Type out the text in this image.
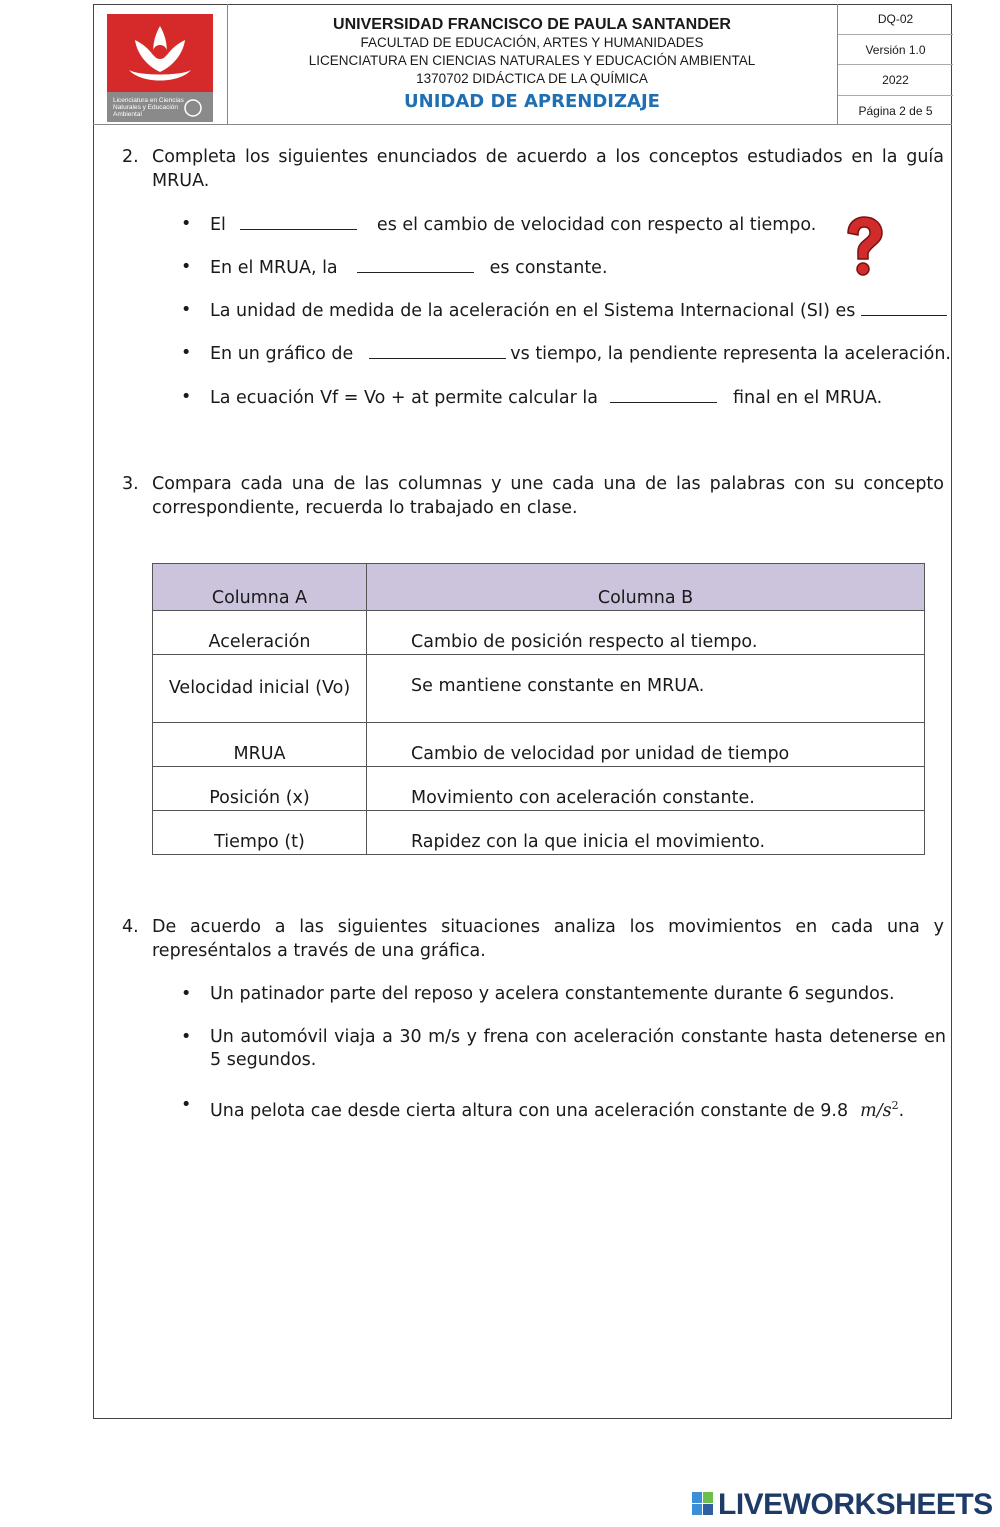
Licenciatura en Ciencias Naturales y Educación Ambiental
UNIVERSIDAD FRANCISCO DE PAULA SANTANDER
FACULTAD DE EDUCACIÓN, ARTES Y HUMANIDADES
LICENCIATURA EN CIENCIAS NATURALES Y EDUCACIÓN AMBIENTAL
1370702 DIDÁCTICA DE LA QUÍMICA
UNIDAD DE APRENDIZAJE
DQ-02
Versión 1.0
2022
Página 2 de 5
2. Completa los siguientes enunciados de acuerdo a los conceptos estudiados en la guía MRUA.
• El	es el cambio de velocidad con respecto al tiempo.
• En el MRUA, la	es constante.
• La unidad de medida de la aceleración en el Sistema Internacional (SI) es
• En un gráfico de	vs tiempo, la pendiente representa la aceleración.
• La ecuación Vf = Vo + at permite calcular la	final en el MRUA.
3. Compara cada una de las columnas y une cada una de las palabras con su concepto correspondiente, recuerda lo trabajado en clase.
Columna A	Columna B
Aceleración	Cambio de posición respecto al tiempo.
Velocidad inicial (Vo)	Se mantiene constante en MRUA.
MRUA	Cambio de velocidad por unidad de tiempo
Posición (x)	Movimiento con aceleración constante.
Tiempo (t)	Rapidez con la que inicia el movimiento.
4. De acuerdo a las siguientes situaciones analiza los movimientos en cada una y represéntalos a través de una gráfica.
• Un patinador parte del reposo y acelera constantemente durante 6 segundos.
• Un automóvil viaja a 30 m/s y frena con aceleración constante hasta detenerse en 5 segundos.
• Una pelota cae desde cierta altura con una aceleración constante de 9.8 $m/s^2$.
LIVEWORKSHEETS
